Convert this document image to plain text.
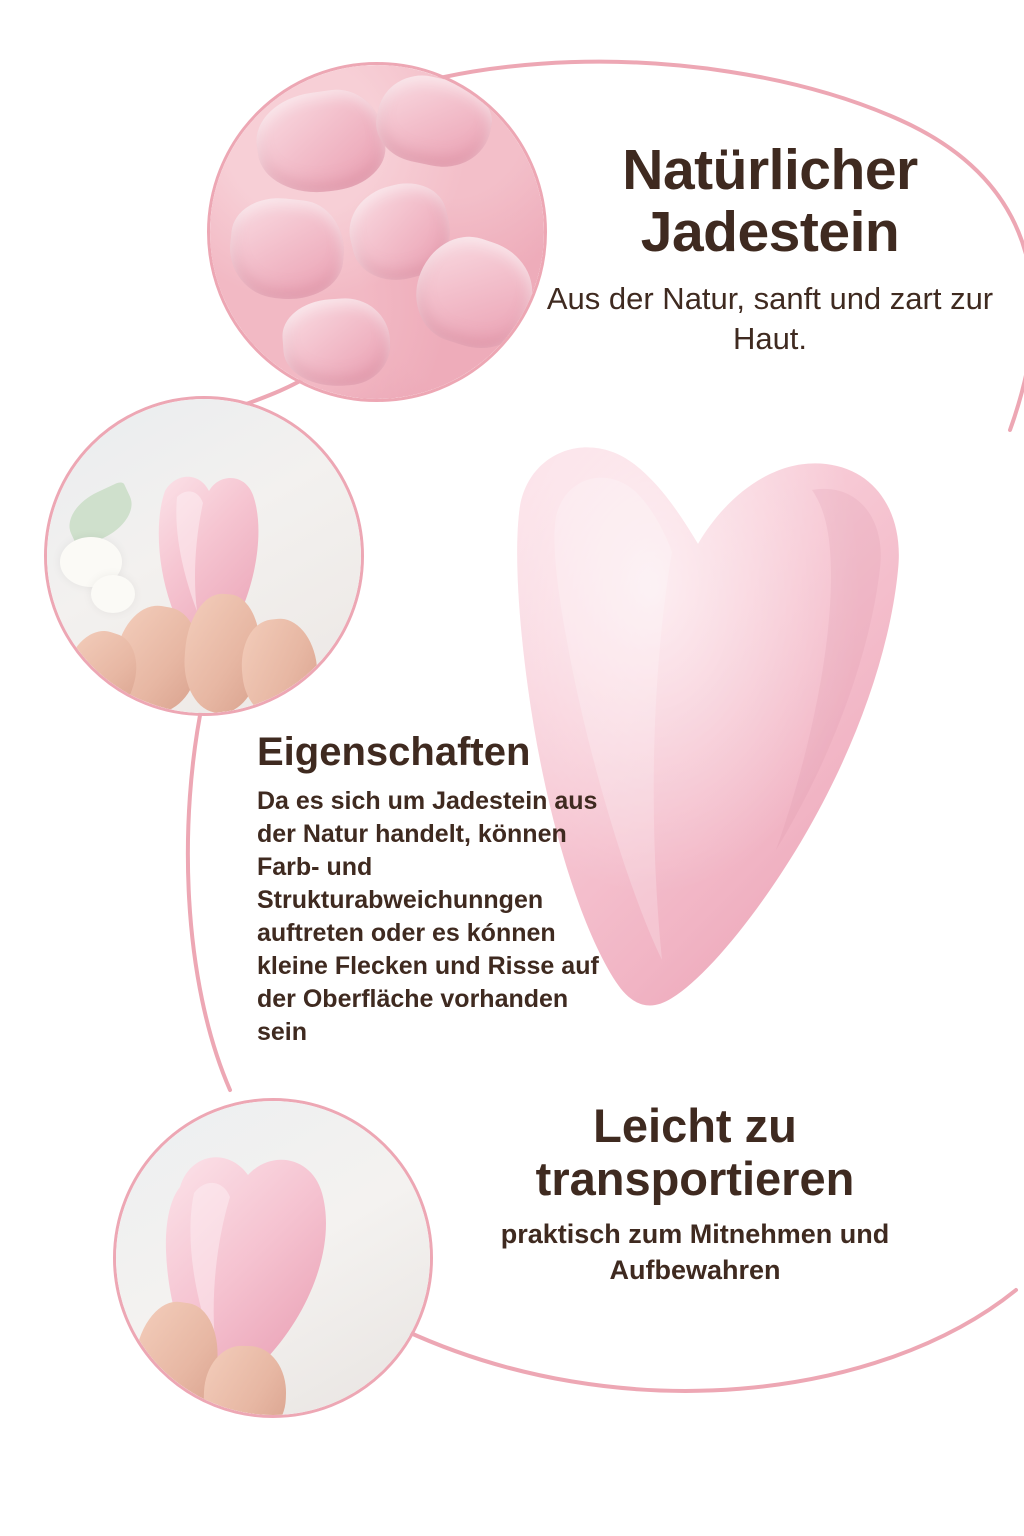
Natürlicher Jadestein

Aus der Natur, sanft und zart zur Haut.

Eigenschaften

Da es sich um Jadestein aus der Natur handelt, können Farb- und Strukturabweichunngen auftreten oder es kónnen kleine Flecken und Risse auf der Oberfläche vorhanden sein

Leicht zu transportieren

praktisch zum Mitnehmen und Aufbewahren
